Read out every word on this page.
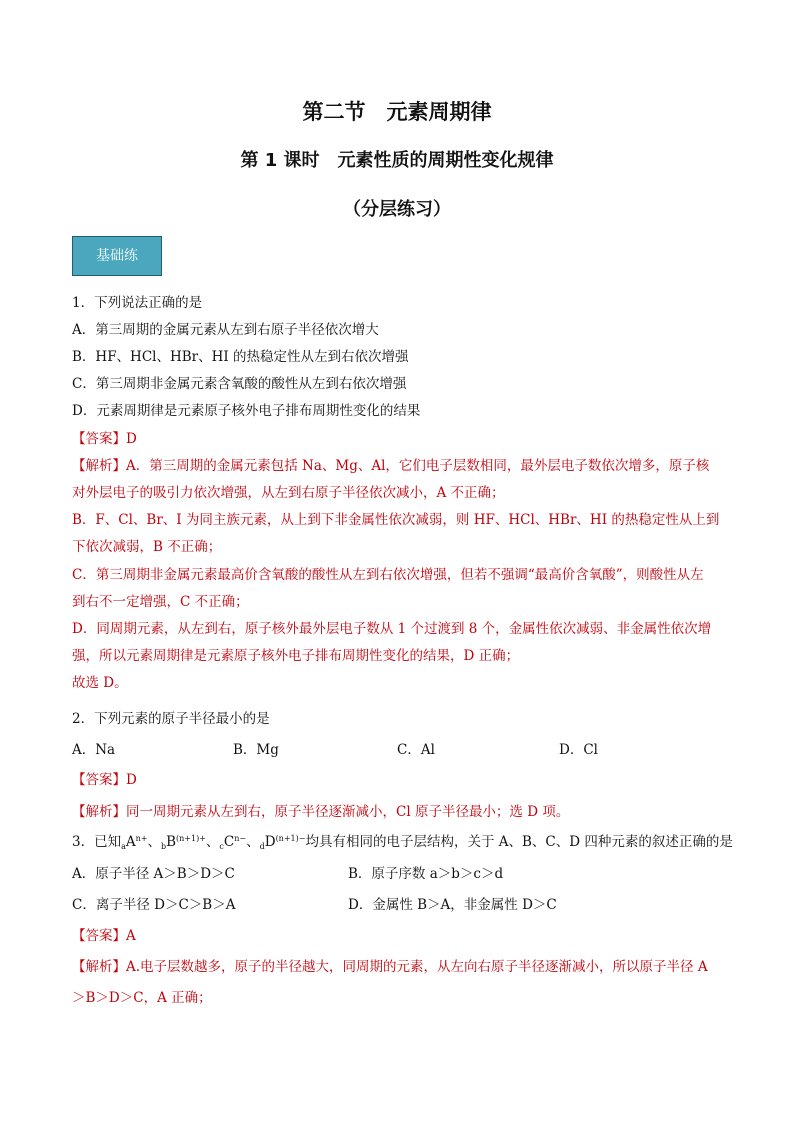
第二节　元素周期律
第 1 课时　元素性质的周期性变化规律
（分层练习）
基础练
1．下列说法正确的是
A．第三周期的金属元素从左到右原子半径依次增大
B．HF、HCl、HBr、HI 的热稳定性从左到右依次增强
C．第三周期非金属元素含氧酸的酸性从左到右依次增强
D．元素周期律是元素原子核外电子排布周期性变化的结果
【答案】D
【解析】A．第三周期的金属元素包括 Na、Mg、Al，它们电子层数相同，最外层电子数依次增多，原子核
对外层电子的吸引力依次增强，从左到右原子半径依次减小，A 不正确；
B．F、Cl、Br、I 为同主族元素，从上到下非金属性依次减弱，则 HF、HCl、HBr、HI 的热稳定性从上到
下依次减弱，B 不正确；
C．第三周期非金属元素最高价含氧酸的酸性从左到右依次增强，但若不强调“最高价含氧酸”，则酸性从左
到右不一定增强，C 不正确；
D．同周期元素，从左到右，原子核外最外层电子数从 1 个过渡到 8 个，金属性依次减弱、非金属性依次增
强，所以元素周期律是元素原子核外电子排布周期性变化的结果，D 正确；
故选 D。
2．下列元素的原子半径最小的是
A．Na	B．Mg	C．Al	D．Cl
【答案】D
【解析】同一周期元素从左到右，原子半径逐渐减小，Cl 原子半径最小；选 D 项。
3．已知$_aA^{n+}$、$_bB^{(n+1)+}$、$_cC^{n-}$、$_dD^{(n+1)-}$均具有相同的电子层结构，关于 A、B、C、D 四种元素的叙述正确的是
A．原子半径 A＞B＞D＞C	B．原子序数 a＞b＞c＞d
C．离子半径 D＞C＞B＞A	D．金属性 B＞A，非金属性 D＞C
【答案】A
【解析】A.电子层数越多，原子的半径越大，同周期的元素，从左向右原子半径逐渐减小，所以原子半径 A
＞B＞D＞C，A 正确；
